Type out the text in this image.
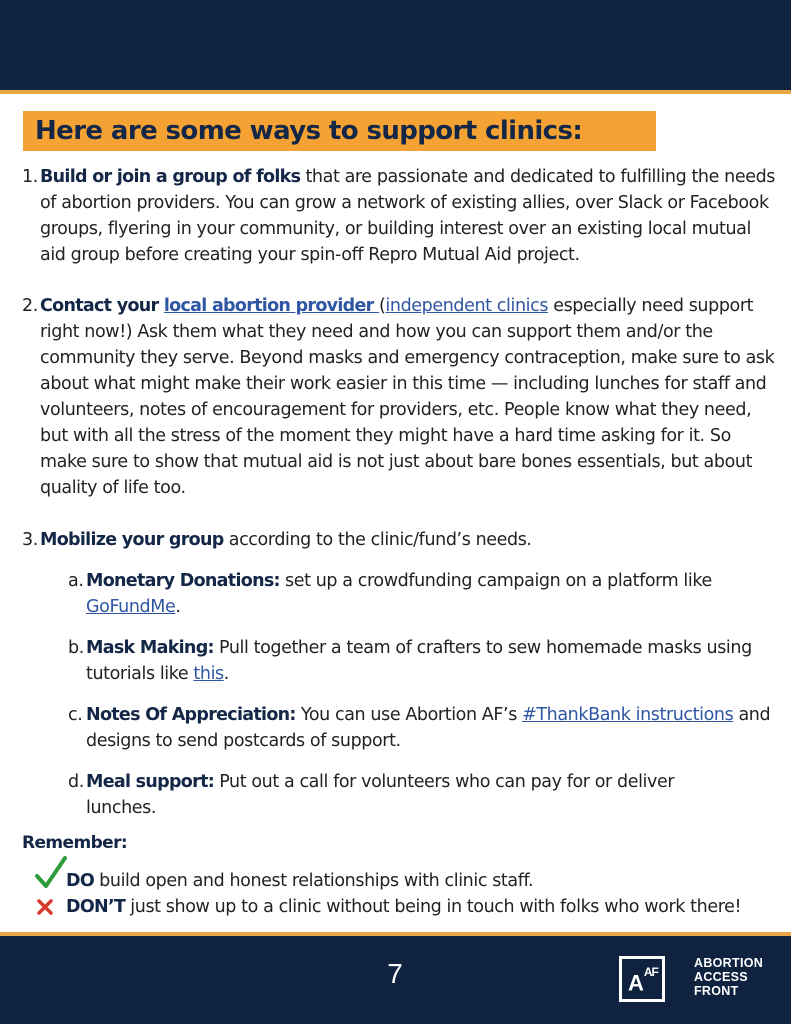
Here are some ways to support clinics:
1. Build or join a group of folks that are passionate and dedicated to fulfilling the needs of abortion providers. You can grow a network of existing allies, over Slack or Facebook groups, flyering in your community, or building interest over an existing local mutual aid group before creating your spin-off Repro Mutual Aid project.

2. Contact your local abortion provider (independent clinics especially need support right now!) Ask them what they need and how you can support them and/or the community they serve. Beyond masks and emergency contraception, make sure to ask about what might make their work easier in this time — including lunches for staff and volunteers, notes of encouragement for providers, etc. People know what they need, but with all the stress of the moment they might have a hard time asking for it. So make sure to show that mutual aid is not just about bare bones essentials, but about quality of life too.

3. Mobilize your group according to the clinic/fund’s needs.

a. Monetary Donations: set up a crowdfunding campaign on a platform like GoFundMe.

b. Mask Making: Pull together a team of crafters to sew homemade masks using tutorials like this.

c. Notes Of Appreciation: You can use Abortion AF’s #ThankBank instructions and designs to send postcards of support.

d. Meal support: Put out a call for volunteers who can pay for or deliver lunches.

Remember:

DO build open and honest relationships with clinic staff.

DON’T just show up to a clinic without being in touch with folks who work there!

7	$A^{AF}$
ABORTION
ACCESS
FRONT
